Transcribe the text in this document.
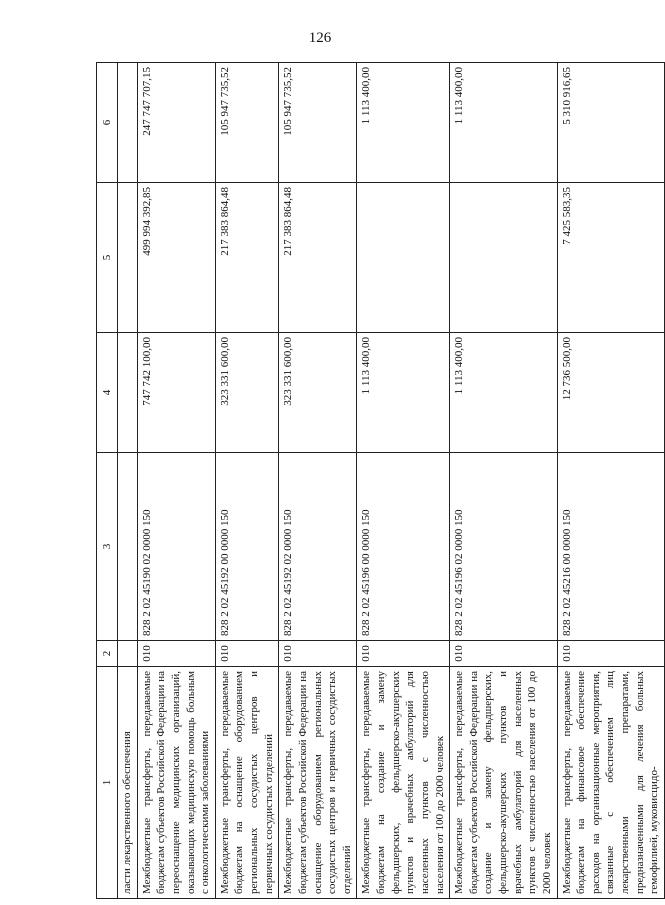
126
1	2	3	4	5	6
ласти лекарственного обеспечения					
Межбюджетные трансферты, передаваемые бюджетам субъектов Российской Федерации на переоснащение медицинских организаций, оказывающих медицинскую помощь больным с онкологическими заболеваниями	010	828 2 02 45190 02 0000 150	747 742 100,00	499 994 392,85	247 747 707,15
Межбюджетные трансферты, передаваемые бюджетам на оснащение оборудованием региональных сосудистых центров и первичных сосудистых отделений	010	828 2 02 45192 00 0000 150	323 331 600,00	217 383 864,48	105 947 735,52
Межбюджетные трансферты, передаваемые бюджетам субъектов Российской Федерации на оснащение оборудованием региональных сосудистых центров и первичных сосудистых отделений	010	828 2 02 45192 02 0000 150	323 331 600,00	217 383 864,48	105 947 735,52
Межбюджетные трансферты, передаваемые бюджетам на создание и замену фельдшерских, фельдшерско-акушерских пунктов и врачебных амбулаторий для населенных пунктов с численностью населения от 100 до 2000 человек	010	828 2 02 45196 00 0000 150	1 113 400,00		1 113 400,00
Межбюджетные трансферты, передаваемые бюджетам субъектов Российской Федерации на создание и замену фельдшерских, фельдшерско-акушерских пунктов и врачебных амбулаторий для населенных пунктов с численностью населения от 100 до 2000 человек	010	828 2 02 45196 02 0000 150	1 113 400,00		1 113 400,00
Межбюджетные трансферты, передаваемые бюджетам на финансовое обеспечение расходов на организационные мероприятия, связанные с обеспечением лиц лекарственными препаратами, предназначенными для лечения больных гемофилией, муковисцидо-	010	828 2 02 45216 00 0000 150	12 736 500,00	7 425 583,35	5 310 916,65
